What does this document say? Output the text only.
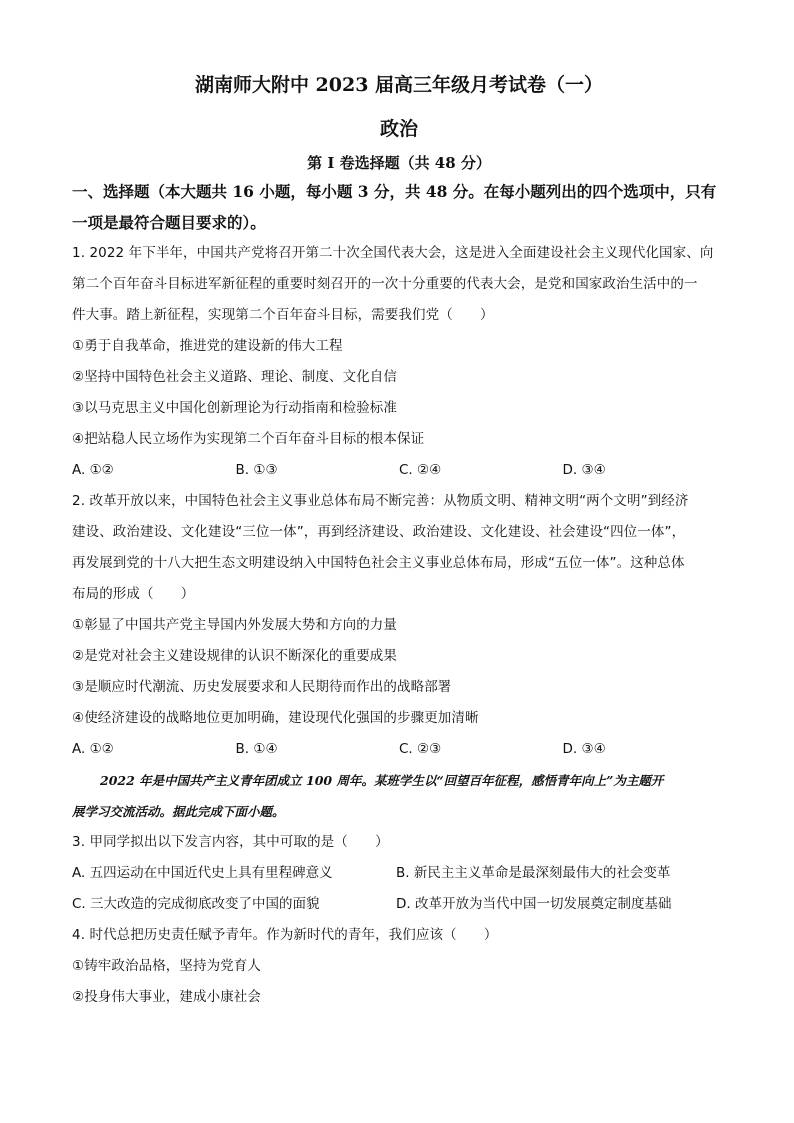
湖南师大附中 2023 届高三年级月考试卷（一）
政治
第 I 卷选择题（共 48 分）
一、选择题（本大题共 16 小题，每小题 3 分，共 48 分。在每小题列出的四个选项中，只有
一项是最符合题目要求的）。
1. 2022 年下半年，中国共产党将召开第二十次全国代表大会，这是进入全面建设社会主义现代化国家、向
第二个百年奋斗目标进军新征程的重要时刻召开的一次十分重要的代表大会，是党和国家政治生活中的一
件大事。踏上新征程，实现第二个百年奋斗目标，需要我们党（　　）
①勇于自我革命，推进党的建设新的伟大工程
②坚持中国特色社会主义道路、理论、制度、文化自信
③以马克思主义中国化创新理论为行动指南和检验标准
④把站稳人民立场作为实现第二个百年奋斗目标的根本保证
A. ①②	B. ①③	C. ②④	D. ③④
2. 改革开放以来，中国特色社会主义事业总体布局不断完善：从物质文明、精神文明“两个文明”到经济
建设、政治建设、文化建设“三位一体”，再到经济建设、政治建设、文化建设、社会建设“四位一体”，
再发展到党的十八大把生态文明建设纳入中国特色社会主义事业总体布局，形成“五位一体”。这种总体
布局的形成（　　）
①彰显了中国共产党主导国内外发展大势和方向的力量
②是党对社会主义建设规律的认识不断深化的重要成果
③是顺应时代潮流、历史发展要求和人民期待而作出的战略部署
④使经济建设的战略地位更加明确，建设现代化强国的步骤更加清晰
A. ①②	B. ①④	C. ②③	D. ③④
2022 年是中国共产主义青年团成立 100 周年。某班学生以“回望百年征程，感悟青年向上”为主题开
展学习交流活动。据此完成下面小题。
3. 甲同学拟出以下发言内容，其中可取的是（　　）
A. 五四运动在中国近代史上具有里程碑意义	B. 新民主主义革命是最深刻最伟大的社会变革
C. 三大改造的完成彻底改变了中国的面貌	D. 改革开放为当代中国一切发展奠定制度基础
4. 时代总把历史责任赋予青年。作为新时代的青年，我们应该（　　）
①铸牢政治品格，坚持为党育人
②投身伟大事业，建成小康社会
